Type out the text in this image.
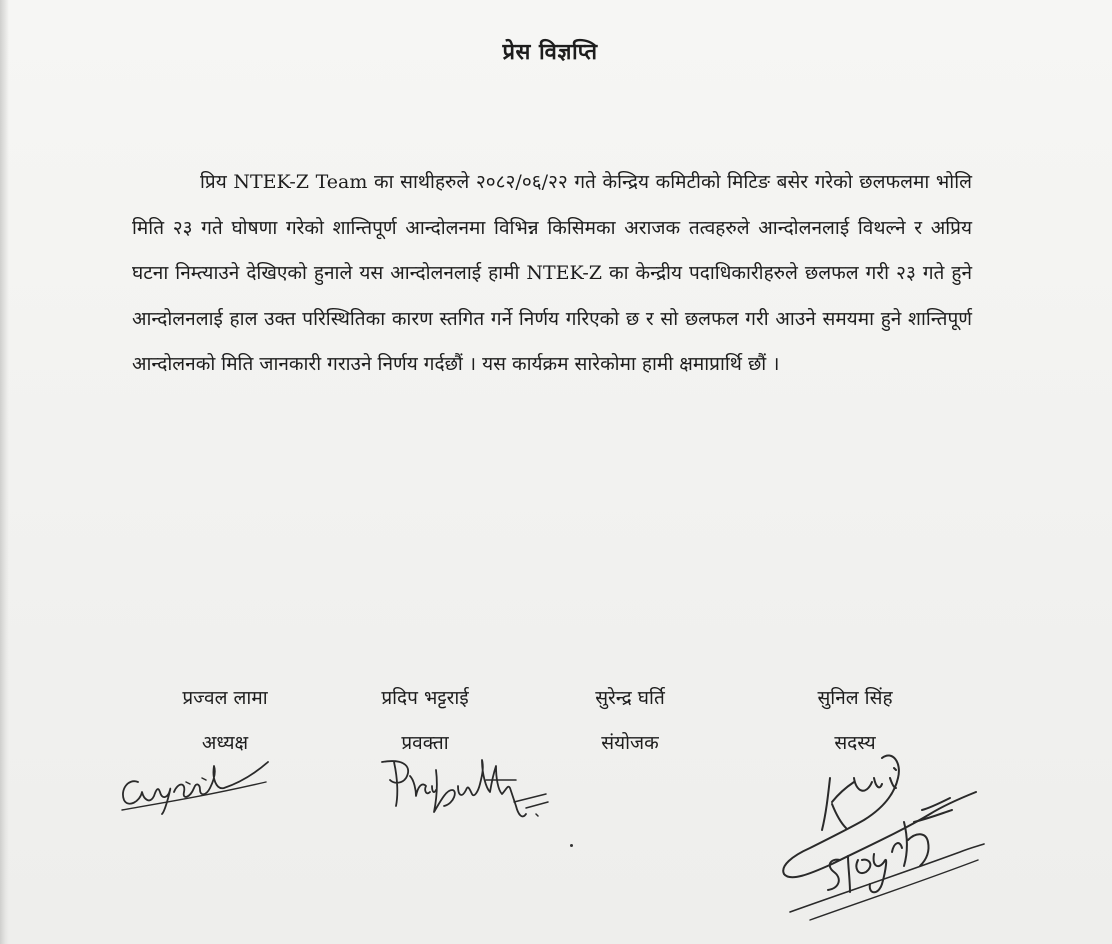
प्रेस विज्ञप्ति

प्रिय NTEK-Z Team का साथीहरुले २०८२/०६/२२ गते केन्द्रिय कमिटीको मिटिङ बसेर गरेको छलफलमा भोलि मिति २३ गते घोषणा गरेको शान्तिपूर्ण आन्दोलनमा विभिन्न किसिमका अराजक तत्वहरुले आन्दोलनलाई विथल्ने र अप्रिय घटना निम्त्याउने देखिएको हुनाले यस आन्दोलनलाई हामी NTEK-Z का केन्द्रीय पदाधिकारीहरुले छलफल गरी २३ गते हुने आन्दोलनलाई हाल उक्त परिस्थितिका कारण स्तगित गर्ने निर्णय गरिएको छ र सो छलफल गरी आउने समयमा हुने शान्तिपूर्ण आन्दोलनको मिति जानकारी गराउने निर्णय गर्दछौं । यस कार्यक्रम सारेकोमा हामी क्षमाप्रार्थि छौं ।

प्रज्वल लामा
अध्यक्ष
प्रदिप भट्टराई
प्रवक्ता
सुरेन्द्र घर्ति
संयोजक
सुनिल सिंह
सदस्य
